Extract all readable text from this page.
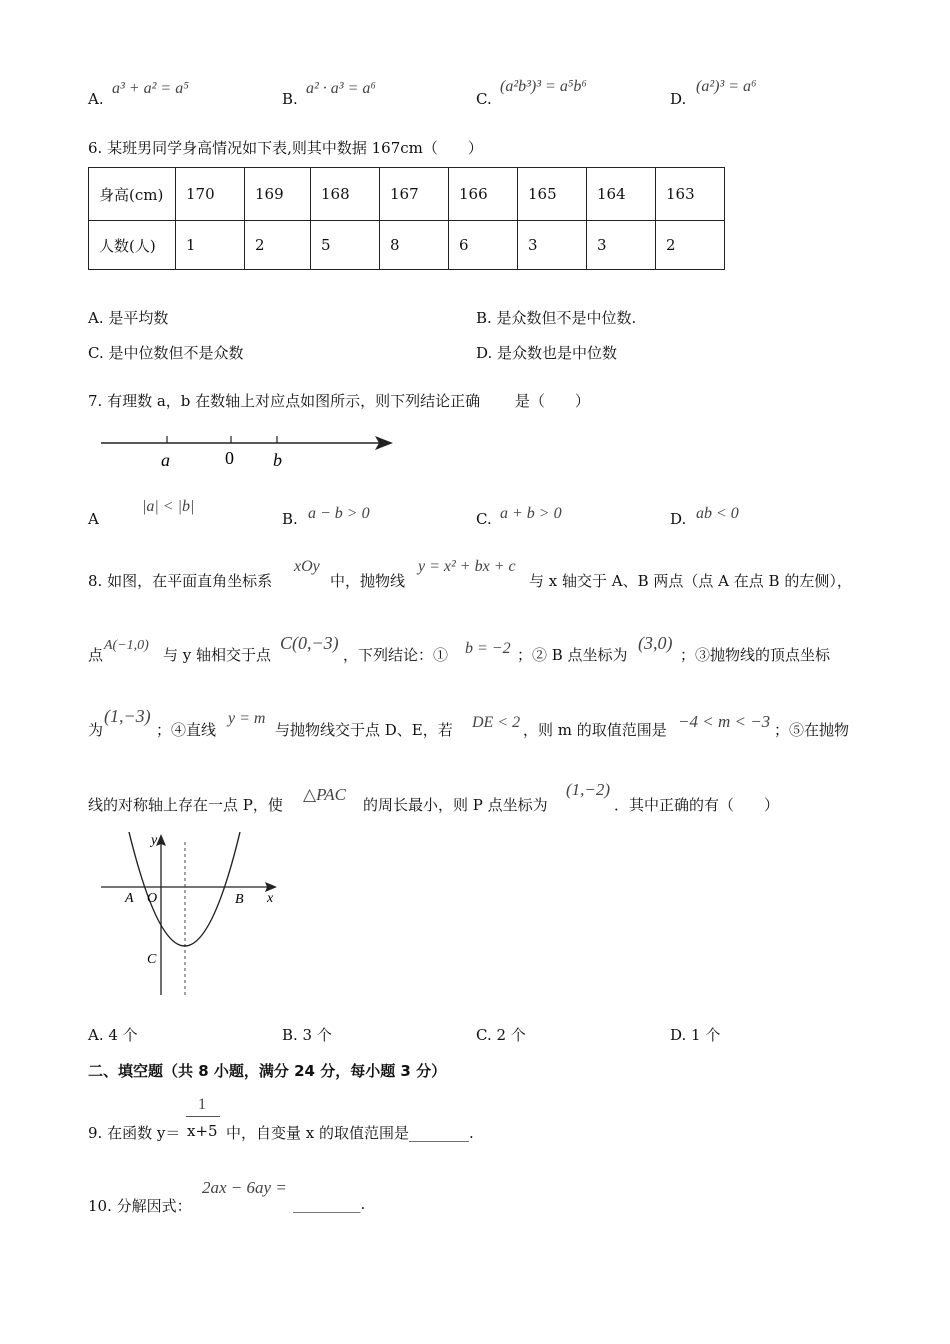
A.
a³ + a² = a⁵
B.
a² · a³ = a⁶
C.
(a²b³)³ = a⁵b⁶
D.
(a²)³ = a⁶
6. 某班男同学身高情况如下表,则其中数据 167cm（　　）
身高(cm)	170	169	168	167	166	165	164	163
人数(人)	1	2	5	8	6	3	3	2
A. 是平均数	B. 是众数但不是中位数.
C. 是中位数但不是众数	D. 是众数也是中位数
7. 有理数 a，b 在数轴上对应点如图所示，则下列结论正确　　 是（　　）
a	0 b
A
|a| < |b|
B. a − b > 0	C. a + b > 0	D. ab < 0
8. 如图，在平面直角坐标系
xOy
中，抛物线
y = x² + bx + c
与 x 轴交于 A、B 两点（点 A 在点 B 的左侧），
点
A(−1,0)
与 y 轴相交于点
C(0,−3)
，下列结论：① b = −2 ；② B 点坐标为
(3,0)
；③抛物线的顶点坐标
为
(1,−3)
；④直线
y = m
与抛物线交于点 D、E，若 DE < 2 ，则 m 的取值范围是 −4 < m < −3 ；⑤在抛物
线的对称轴上存在一点 P，使
△PAC
的周长最小，则 P 点坐标为
(1,−2)
．其中正确的有（　　）
y
x
A O	B
C
A. 4 个	B. 3 个	C. 2 个	D. 1 个
二、填空题（共 8 小题，满分 24 分，每小题 3 分）
9. 在函数 y＝
1
x+5 中，自变量 x 的取值范围是________.
10. 分解因式：
2ax − 6ay =
_________.
